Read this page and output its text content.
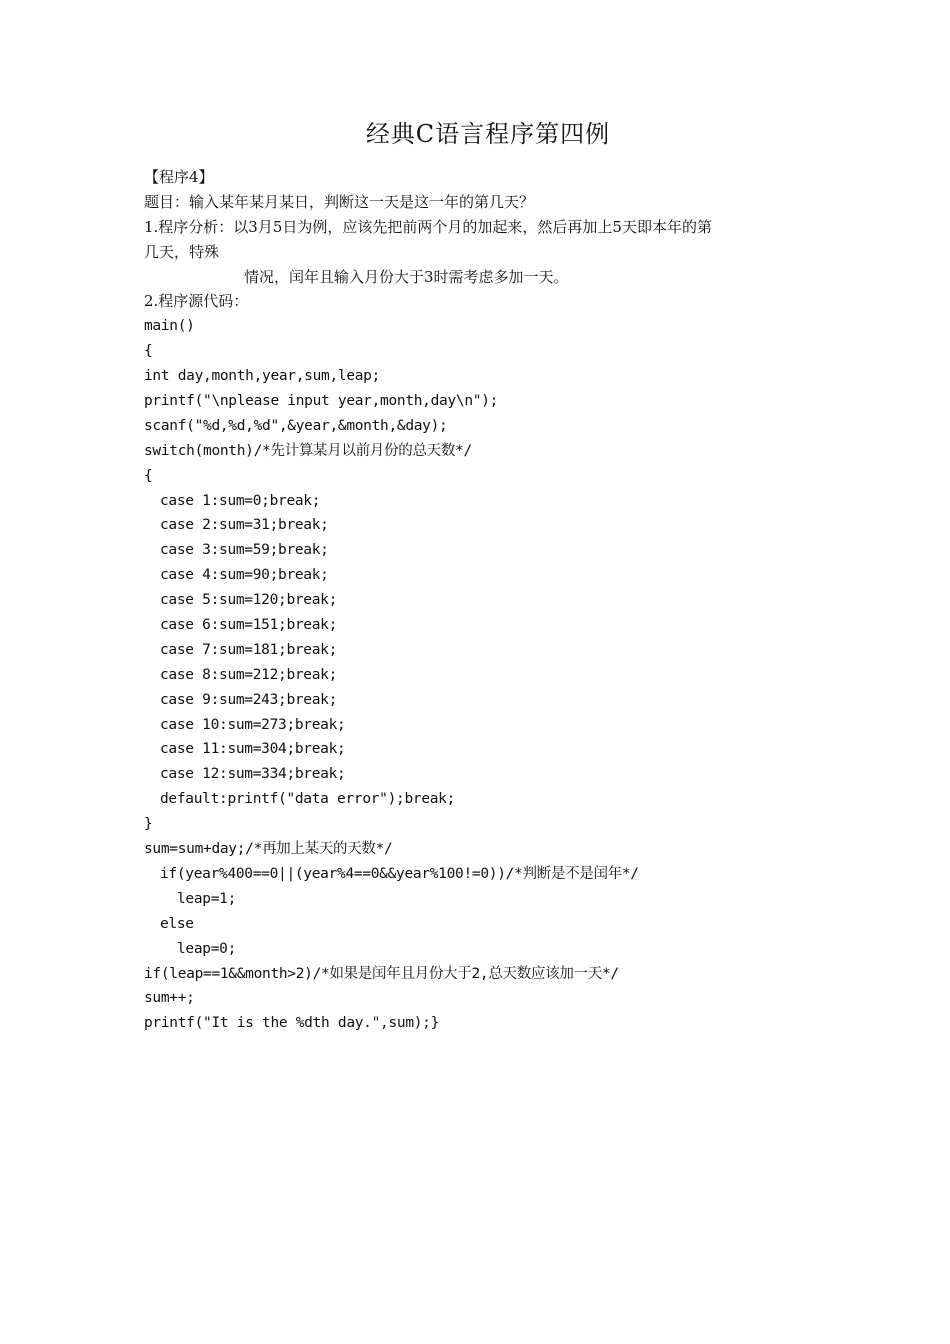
经典C语言程序第四例
【程序4】
题目：输入某年某月某日，判断这一天是这一年的第几天？
1.程序分析：以3月5日为例，应该先把前两个月的加起来，然后再加上5天即本年的第
几天，特殊
情况，闰年且输入月份大于3时需考虑多加一天。
2.程序源代码：
main()
{
int day,month,year,sum,leap;
printf("\nplease input year,month,day\n");
scanf("%d,%d,%d",&year,&month,&day);
switch(month)/*先计算某月以前月份的总天数*/
{
case 1:sum=0;break;
case 2:sum=31;break;
case 3:sum=59;break;
case 4:sum=90;break;
case 5:sum=120;break;
case 6:sum=151;break;
case 7:sum=181;break;
case 8:sum=212;break;
case 9:sum=243;break;
case 10:sum=273;break;
case 11:sum=304;break;
case 12:sum=334;break;
default:printf("data error");break;
}
sum=sum+day;/*再加上某天的天数*/
if(year%400==0||(year%4==0&&year%100!=0))/*判断是不是闰年*/
leap=1;
else
leap=0;
if(leap==1&&month>2)/*如果是闰年且月份大于2,总天数应该加一天*/
sum++;
printf("It is the %dth day.",sum);}
